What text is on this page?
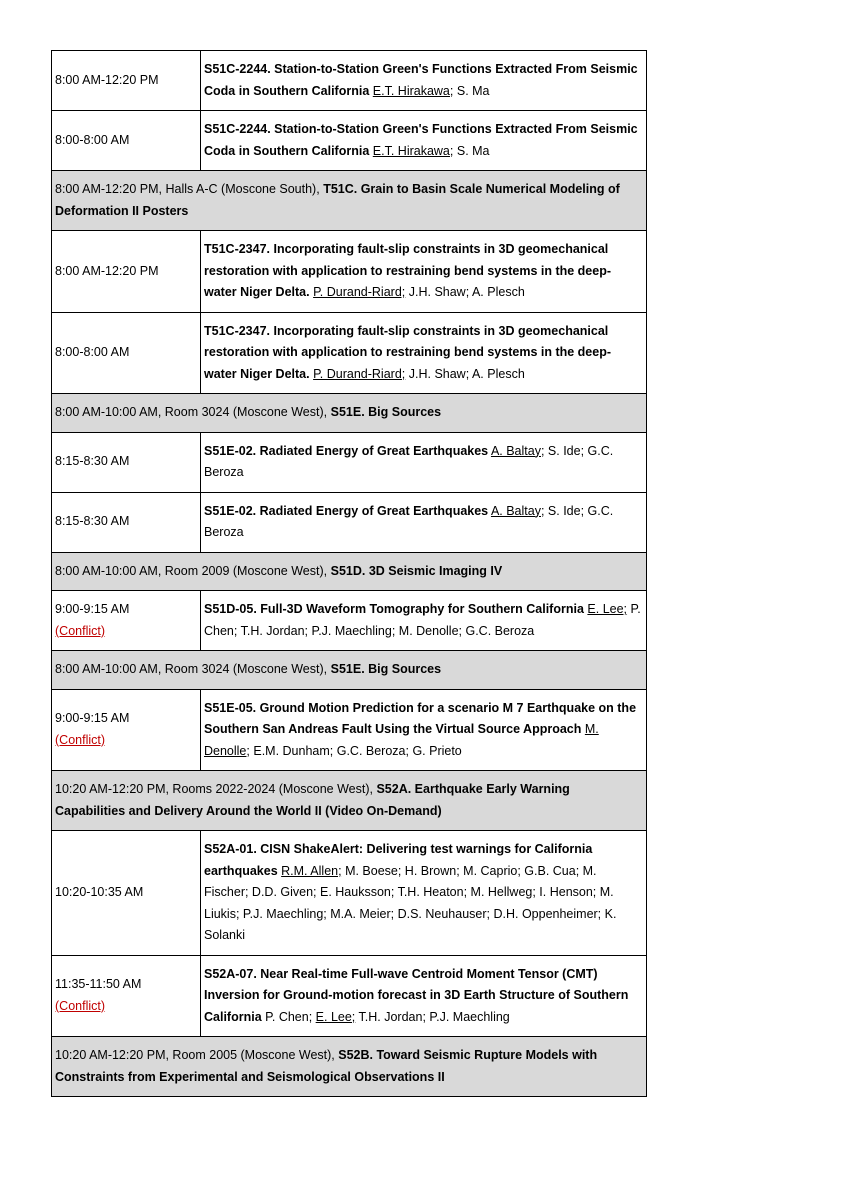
8:00 AM-12:20 PM	S51C-2244. Station-to-Station Green's Functions Extracted From Seismic Coda in Southern California E.T. Hirakawa; S. Ma
8:00-8:00 AM	S51C-2244. Station-to-Station Green's Functions Extracted From Seismic Coda in Southern California E.T. Hirakawa; S. Ma
8:00 AM-12:20 PM, Halls A-C (Moscone South), T51C. Grain to Basin Scale Numerical Modeling of Deformation II Posters	
8:00 AM-12:20 PM	T51C-2347. Incorporating fault-slip constraints in 3D geomechanical restoration with application to restraining bend systems in the deep-water Niger Delta. P. Durand-Riard; J.H. Shaw; A. Plesch
8:00-8:00 AM	T51C-2347. Incorporating fault-slip constraints in 3D geomechanical restoration with application to restraining bend systems in the deep-water Niger Delta. P. Durand-Riard; J.H. Shaw; A. Plesch
8:00 AM-10:00 AM, Room 3024 (Moscone West), S51E. Big Sources	
8:15-8:30 AM	S51E-02. Radiated Energy of Great Earthquakes A. Baltay; S. Ide; G.C. Beroza
8:15-8:30 AM	S51E-02. Radiated Energy of Great Earthquakes A. Baltay; S. Ide; G.C. Beroza
8:00 AM-10:00 AM, Room 2009 (Moscone West), S51D. 3D Seismic Imaging IV	
9:00-9:15 AM
(Conflict)	S51D-05. Full-3D Waveform Tomography for Southern California E. Lee; P. Chen; T.H. Jordan; P.J. Maechling; M. Denolle; G.C. Beroza
8:00 AM-10:00 AM, Room 3024 (Moscone West), S51E. Big Sources	
9:00-9:15 AM
(Conflict)	S51E-05. Ground Motion Prediction for a scenario M 7 Earthquake on the Southern San Andreas Fault Using the Virtual Source Approach M. Denolle; E.M. Dunham; G.C. Beroza; G. Prieto
10:20 AM-12:20 PM, Rooms 2022-2024 (Moscone West), S52A. Earthquake Early Warning Capabilities and Delivery Around the World II (Video On-Demand)	
10:20-10:35 AM	S52A-01. CISN ShakeAlert: Delivering test warnings for California earthquakes R.M. Allen; M. Boese; H. Brown; M. Caprio; G.B. Cua; M. Fischer; D.D. Given; E. Hauksson; T.H. Heaton; M. Hellweg; I. Henson; M. Liukis; P.J. Maechling; M.A. Meier; D.S. Neuhauser; D.H. Oppenheimer; K. Solanki
11:35-11:50 AM
(Conflict)	S52A-07. Near Real-time Full-wave Centroid Moment Tensor (CMT) Inversion for Ground-motion forecast in 3D Earth Structure of Southern California P. Chen; E. Lee; T.H. Jordan; P.J. Maechling
10:20 AM-12:20 PM, Room 2005 (Moscone West), S52B. Toward Seismic Rupture Models with Constraints from Experimental and Seismological Observations II	
